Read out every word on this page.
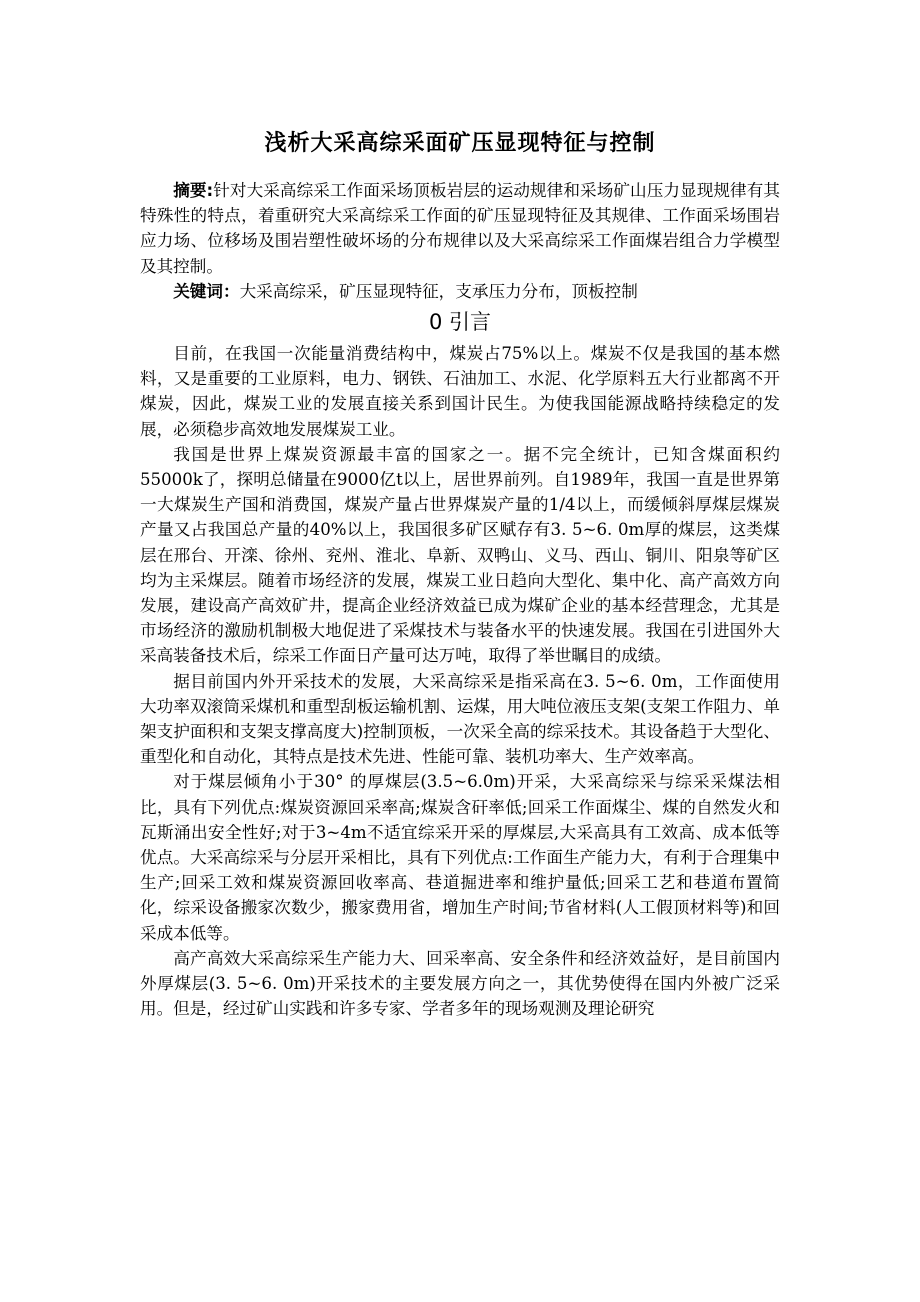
浅析大采高综采面矿压显现特征与控制

摘要:针对大采高综采工作面采场顶板岩层的运动规律和采场矿山压力显现规律有其特殊性的特点，着重研究大采高综采工作面的矿压显现特征及其规律、工作面采场围岩应力场、位移场及围岩塑性破坏场的分布规律以及大采高综采工作面煤岩组合力学模型及其控制。

关键词：大采高综采，矿压显现特征，支承压力分布，顶板控制

0 引言

目前，在我国一次能量消费结构中，煤炭占75%以上。煤炭不仅是我国的基本燃料，又是重要的工业原料，电力、钢铁、石油加工、水泥、化学原料五大行业都离不开煤炭，因此，煤炭工业的发展直接关系到国计民生。为使我国能源战略持续稳定的发展，必须稳步高效地发展煤炭工业。

我国是世界上煤炭资源最丰富的国家之一。据不完全统计，已知含煤面积约55000k了，探明总储量在9000亿t以上，居世界前列。自1989年，我国一直是世界第一大煤炭生产国和消费国，煤炭产量占世界煤炭产量的1/4以上，而缓倾斜厚煤层煤炭产量又占我国总产量的40%以上，我国很多矿区赋存有3. 5~6. 0m厚的煤层，这类煤层在邢台、开滦、徐州、兖州、淮北、阜新、双鸭山、义马、西山、铜川、阳泉等矿区均为主采煤层。随着市场经济的发展，煤炭工业日趋向大型化、集中化、高产高效方向发展，建设高产高效矿井，提高企业经济效益已成为煤矿企业的基本经营理念，尤其是市场经济的激励机制极大地促进了采煤技术与装备水平的快速发展。我国在引进国外大采高装备技术后，综采工作面日产量可达万吨，取得了举世瞩目的成绩。

据目前国内外开采技术的发展，大采高综采是指采高在3. 5~6. 0m，工作面使用大功率双滚筒采煤机和重型刮板运输机割、运煤，用大吨位液压支架(支架工作阻力、单架支护面积和支架支撑高度大)控制顶板，一次采全高的综采技术。其设备趋于大型化、重型化和自动化，其特点是技术先进、性能可靠、装机功率大、生产效率高。

对于煤层倾角小于30° 的厚煤层(3.5~6.0m)开采，大采高综采与综采采煤法相比，具有下列优点:煤炭资源回采率高;煤炭含矸率低;回采工作面煤尘、煤的自然发火和瓦斯涌出安全性好;对于3~4m不适宜综采开采的厚煤层,大采高具有工效高、成本低等优点。大采高综采与分层开采相比，具有下列优点:工作面生产能力大，有利于合理集中生产;回采工效和煤炭资源回收率高、巷道掘进率和维护量低;回采工艺和巷道布置简化，综采设备搬家次数少，搬家费用省，增加生产时间;节省材料(人工假顶材料等)和回采成本低等。

高产高效大采高综采生产能力大、回采率高、安全条件和经济效益好，是目前国内外厚煤层(3. 5~6. 0m)开采技术的主要发展方向之一，其优势使得在国内外被广泛采用。但是，经过矿山实践和许多专家、学者多年的现场观测及理论研究
